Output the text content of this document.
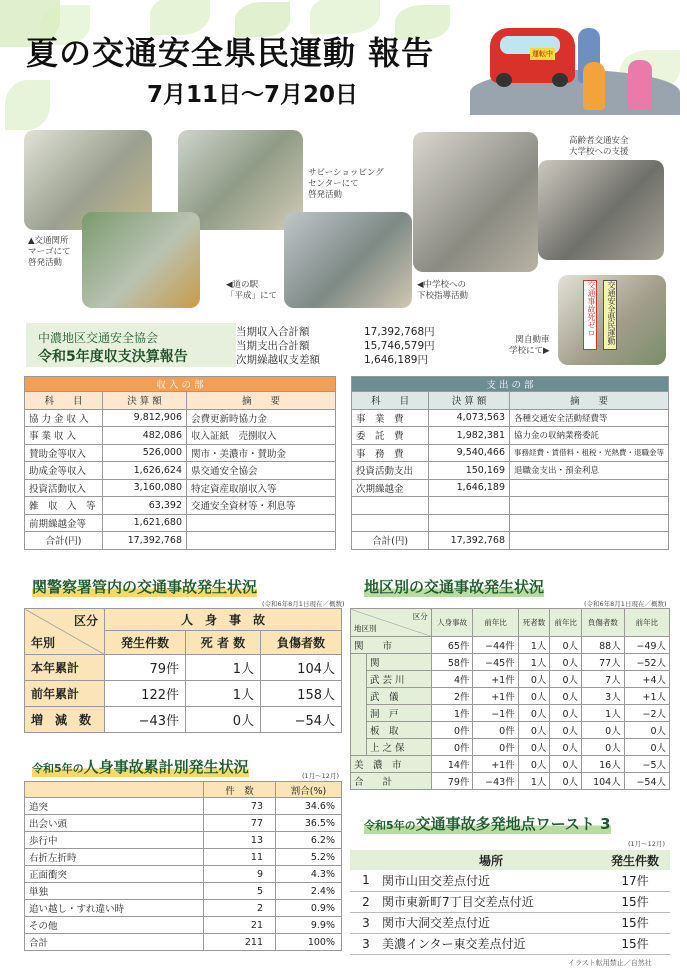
夏の交通安全県民運動 報告
7月11日〜7月20日
運転中
交通事故死ゼロ	交通安全県民運動
▲交通関所
マーゴにて
啓発活動
サビーショッピング
センターにて
啓発活動
高齢者交通安全
大学校への支援
◀道の駅
「平成」にて
◀中学校への
下校指導活動
関自動車
学校にて▶
中濃地区交通安全協会
令和5年度収支決算報告
当期収入合計額	17,392,768円
当期支出合計額	15,746,579円
次期繰越収支差額	1,646,189円
収 入 の 部		
科　　目	決 算 額	摘　　要
協 力 金 収 入	9,812,906	会費更新時協力金
事 業 収 入	482,086	収入証紙　売捌収入
賛助金等収入	526,000	関市・美濃市・賛助金
助成金等収入	1,626,624	県交通安全協会
投資活動収入	3,160,080	特定資産取崩収入等
雑　収　入　等	63,392	交通安全資材等・利息等
前期繰越金等	1,621,680	
合計(円)	17,392,768	
支 出 の 部		
科　　目	決 算 額	摘　　要
事　業　費	4,073,563	各種交通安全活動経費等
委　託　費	1,982,381	協力金の収納業務委託
事　務　費	9,540,466	事務経費・賃借料・租税・光熱費・退職金等
投資活動支出	150,169	退職金支出・預金利息
次期繰越金	1,646,189	

合計(円)	17,392,768	
関警察署管内の交通事故発生状況
(令和6年8月1日現在／概数)
区分
年別	人　身　事　故		
	発生件数	死 者 数	負傷者数
本年累計	79件	1人	104人
前年累計	122件	1人	158人
増　減　数	−43件	0人	−54人
地区別の交通事故発生状況
(令和6年8月1日現在／概数)
区分
地区別		人身事故	前年比	死者数	前年比	負傷者数	前年比
関　　市		65件	−44件	1人	0人	88人	−49人
	関	58件	−45件	1人	0人	77人	−52人
	武 芸 川	4件	+1件	0人	0人	7人	+4人
	武　儀	2件	+1件	0人	0人	3人	+1人
	洞　戸	1件	−1件	0人	0人	1人	−2人
	板　取	0件	0件	0人	0人	0人	0人
	上 之 保	0件	0件	0人	0人	0人	0人
美　濃　市		14件	+1件	0人	0人	16人	−5人
合　　計		79件	−43件	1人	0人	104人	−54人
令和5年の人身事故累計別発生状況	(1月〜12月)
	件　数	割合(%)
追突	73	34.6%
出会い頭	77	36.5%
歩行中	13	6.2%
右折左折時	11	5.2%
正面衝突	9	4.3%
単独	5	2.4%
追い越し・すれ違い時	2	0.9%
その他	21	9.9%
合計	211	100%
令和5年の交通事故多発地点ワースト 3
(1月〜12月)
	場所	発生件数
1	関市山田交差点付近	17件
2	関市東新町7丁目交差点付近	15件
3	関市大洞交差点付近	15件
3	美濃インター東交差点付近	15件
イラスト転用禁止／自然社
